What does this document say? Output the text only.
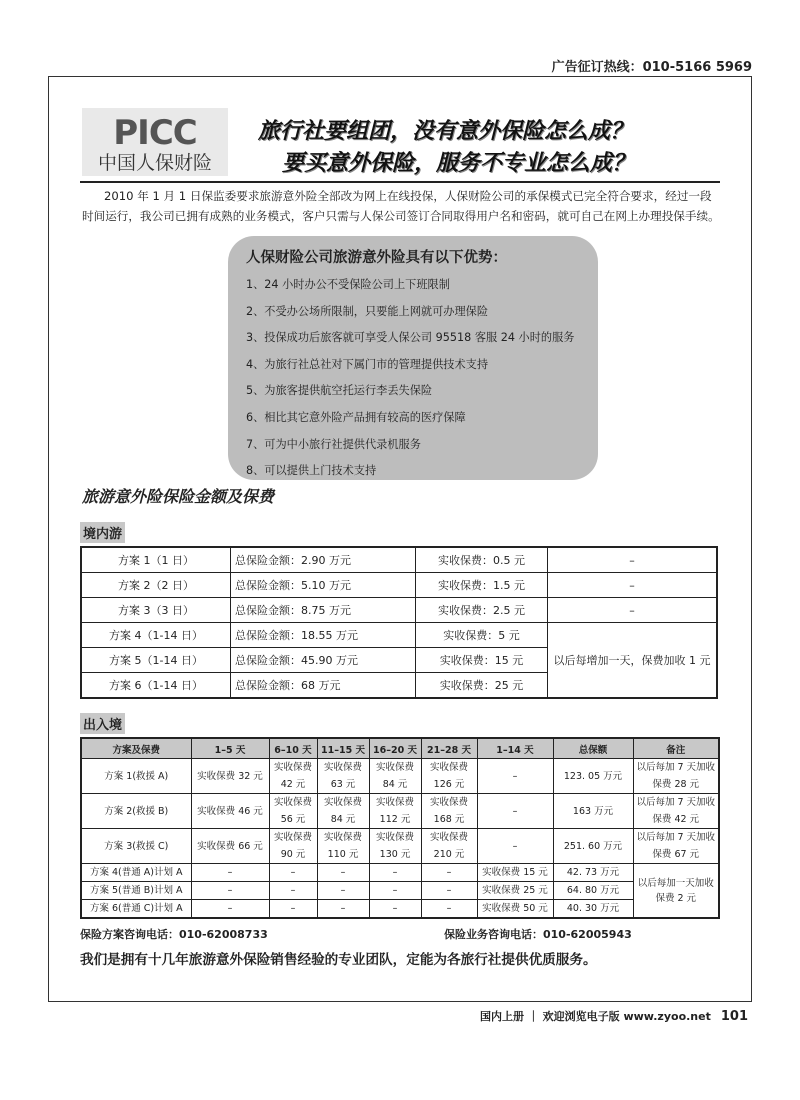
广告征订热线：010-5166 5969
PICC
中国人保财险
旅行社要组团，没有意外保险怎么成？
要买意外保险，服务不专业怎么成？
2010 年 1 月 1 日保监委要求旅游意外险全部改为网上在线投保，人保财险公司的承保模式已完全符合要求，经过一段时间运行，我公司已拥有成熟的业务模式，客户只需与人保公司签订合同取得用户名和密码，就可自己在网上办理投保手续。
人保财险公司旅游意外险具有以下优势：
1、24 小时办公不受保险公司上下班限制
2、不受办公场所限制，只要能上网就可办理保险
3、投保成功后旅客就可享受人保公司 95518 客服 24 小时的服务
4、为旅行社总社对下属门市的管理提供技术支持
5、为旅客提供航空托运行李丢失保险
6、相比其它意外险产品拥有较高的医疗保障
7、可为中小旅行社提供代录机服务
8、可以提供上门技术支持
旅游意外险保险金额及保费
境内游
方案 1（1 日）	总保险金额：2.90 万元	实收保费：0.5 元	–
方案 2（2 日）	总保险金额：5.10 万元	实收保费：1.5 元	–
方案 3（3 日）	总保险金额：8.75 万元	实收保费：2.5 元	–
方案 4（1-14 日）	总保险金额：18.55 万元	实收保费：5 元	以后每增加一天，保费加收 1 元
方案 5（1-14 日）	总保险金额：45.90 万元	实收保费：15 元	
方案 6（1-14 日）	总保险金额：68 万元	实收保费：25 元	
出入境
方案及保费	1–5 天	6–10 天	11–15 天	16–20 天	21–28 天	1–14 天	总保额	备注
方案 1(救援 A)	实收保费 32 元	实收保费 42 元	实收保费 63 元	实收保费 84 元	实收保费 126 元	–	123. 05 万元	以后每加 7 天加收保费 28 元
方案 2(救援 B)	实收保费 46 元	实收保费 56 元	实收保费 84 元	实收保费 112 元	实收保费 168 元	–	163 万元	以后每加 7 天加收保费 42 元
方案 3(救援 C)	实收保费 66 元	实收保费 90 元	实收保费 110 元	实收保费 130 元	实收保费 210 元	–	251. 60 万元	以后每加 7 天加收保费 67 元
方案 4(普通 A)计划 A	–	–	–	–	–	实收保费 15 元	42. 73 万元	以后每加一天加收保费 2 元
方案 5(普通 B)计划 A	–	–	–	–	–	实收保费 25 元	64. 80 万元	
方案 6(普通 C)计划 A	–	–	–	–	–	实收保费 50 元	40. 30 万元	
保险方案咨询电话：010-62008733	保险业务咨询电话：010-62005943
我们是拥有十几年旅游意外保险销售经验的专业团队，定能为各旅行社提供优质服务。
国内上册 ｜ 欢迎浏览电子版 www.zyoo.net 101
